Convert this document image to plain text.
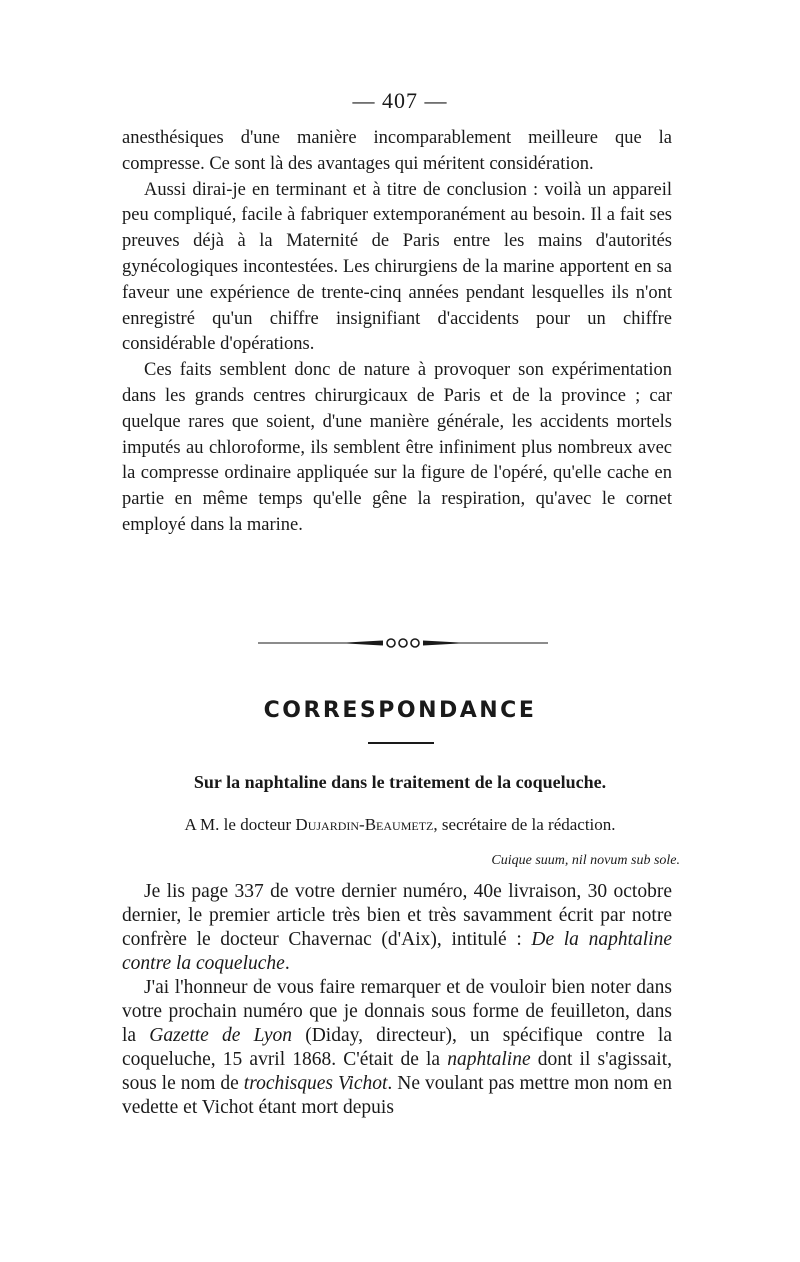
— 407 —

anesthésiques d'une manière incomparablement meilleure que la compresse. Ce sont là des avantages qui méritent considération.

Aussi dirai-je en terminant et à titre de conclusion : voilà un appareil peu compliqué, facile à fabriquer extemporanément au besoin. Il a fait ses preuves déjà à la Maternité de Paris entre les mains d'autorités gynécologiques incontestées. Les chirurgiens de la marine apportent en sa faveur une expérience de trente-cinq années pendant lesquelles ils n'ont enregistré qu'un chiffre insignifiant d'accidents pour un chiffre considérable d'opérations.

Ces faits semblent donc de nature à provoquer son expérimentation dans les grands centres chirurgicaux de Paris et de la province ; car quelque rares que soient, d'une manière générale, les accidents mortels imputés au chloroforme, ils semblent être infiniment plus nombreux avec la compresse ordinaire appliquée sur la figure de l'opéré, qu'elle cache en partie en même temps qu'elle gêne la respiration, qu'avec le cornet employé dans la marine.

CORRESPONDANCE
Sur la naphtaline dans le traitement de la coqueluche.
A M. le docteur Dujardin-Beaumetz, secrétaire de la rédaction.
Cuique suum, nil novum sub sole.

Je lis page 337 de votre dernier numéro, 40e livraison, 30 octobre dernier, le premier article très bien et très savamment écrit par notre confrère le docteur Chavernac (d'Aix), intitulé : De la naphtaline contre la coqueluche.

J'ai l'honneur de vous faire remarquer et de vouloir bien noter dans votre prochain numéro que je donnais sous forme de feuilleton, dans la Gazette de Lyon (Diday, directeur), un spécifique contre la coqueluche, 15 avril 1868. C'était de la naphtaline dont il s'agissait, sous le nom de trochisques Vichot. Ne voulant pas mettre mon nom en vedette et Vichot étant mort depuis
